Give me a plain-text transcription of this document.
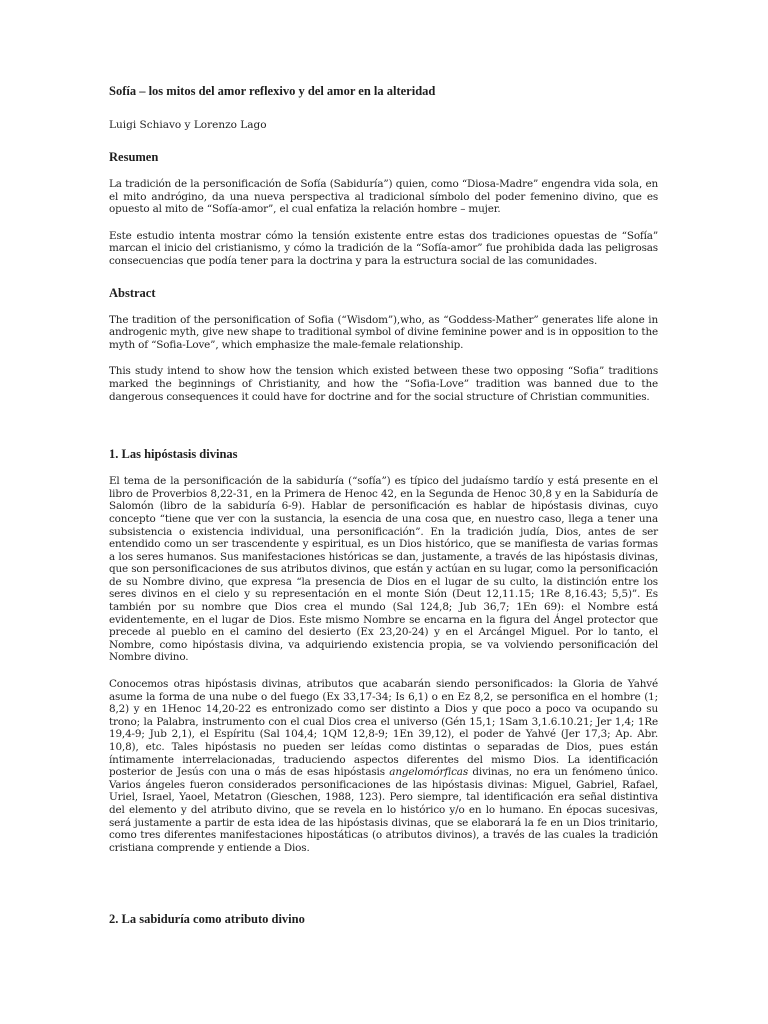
Sofía – los mitos del amor reflexivo y del amor en la alteridad
Luigi Schiavo y Lorenzo Lago
Resumen

La tradición de la personificación de Sofía (Sabiduría”) quien, como “Diosa-Madre” engendra vida sola, en el mito andrógino, da una nueva perspectiva al tradicional símbolo del poder femenino divino, que es opuesto al mito de “Sofía-amor”, el cual enfatiza la relación hombre – mujer.

Este estudio intenta mostrar cómo la tensión existente entre estas dos tradiciones opuestas de “Sofía” marcan el inicio del cristianismo, y cómo la tradición de la “Sofía-amor” fue prohibida dada las peligrosas consecuencias que podía tener para la doctrina y para la estructura social de las comunidades.

Abstract

The tradition of the personification of Sofia (“Wisdom”),who, as “Goddess-Mather” generates life alone in androgenic myth, give new shape to traditional symbol of divine feminine power and is in opposition to the myth of “Sofia-Love”, which emphasize the male-female relationship.

This study intend to show how the tension which existed between these two opposing “Sofia” traditions marked the beginnings of Christianity, and how the “Sofia-Love” tradition was banned due to the dangerous consequences it could have for doctrine and for the social structure of Christian communities.

1. Las hipóstasis divinas

El tema de la personificación de la sabiduría (“sofía”) es típico del judaísmo tardío y está presente en el libro de Proverbios 8,22-31, en la Primera de Henoc 42, en la Segunda de Henoc 30,8 y en la Sabiduría de Salomón (libro de la sabiduría 6-9). Hablar de personificación es hablar de hipóstasis divinas, cuyo concepto “tiene que ver con la sustancia, la esencia de una cosa que, en nuestro caso, llega a tener una subsistencia o existencia individual, una personificación”. En la tradición judía, Dios, antes de ser entendido como un ser trascendente y espiritual, es un Dios histórico, que se manifiesta de varias formas a los seres humanos. Sus manifestaciones históricas se dan, justamente, a través de las hipóstasis divinas, que son personificaciones de sus atributos divinos, que están y actúan en su lugar, como la personificación de su Nombre divino, que expresa “la presencia de Dios en el lugar de su culto, la distinción entre los seres divinos en el cielo y su representación en el monte Sión (Deut 12,11.15; 1Re 8,16.43; 5,5)”. Es también por su nombre que Dios crea el mundo (Sal 124,8; Jub 36,7; 1En 69): el Nombre está evidentemente, en el lugar de Dios. Este mismo Nombre se encarna en la figura del Ángel protector que precede al pueblo en el camino del desierto (Ex 23,20-24) y en el Arcángel Miguel. Por lo tanto, el Nombre, como hipóstasis divina, va adquiriendo existencia propia, se va volviendo personificación del Nombre divino.

Conocemos otras hipóstasis divinas, atributos que acabarán siendo personificados: la Gloria de Yahvé asume la forma de una nube o del fuego (Ex 33,17-34; Is 6,1) o en Ez 8,2, se personifica en el hombre (1; 8,2) y en 1Henoc 14,20-22 es entronizado como ser distinto a Dios y que poco a poco va ocupando su trono; la Palabra, instrumento con el cual Dios crea el universo (Gén 15,1; 1Sam 3,1.6.10.21; Jer 1,4; 1Re 19,4-9; Jub 2,1), el Espíritu (Sal 104,4; 1QM 12,8-9; 1En 39,12), el poder de Yahvé (Jer 17,3; Ap. Abr. 10,8), etc. Tales hipóstasis no pueden ser leídas como distintas o separadas de Dios, pues están íntimamente interrelacionadas, traduciendo aspectos diferentes del mismo Dios. La identificación posterior de Jesús con una o más de esas hipóstasis angelomórficas divinas, no era un fenómeno único. Varios ángeles fueron considerados personificaciones de las hipóstasis divinas: Miguel, Gabriel, Rafael, Uriel, Israel, Yaoel, Metatron (Gieschen, 1988, 123). Pero siempre, tal identificación era señal distintiva del elemento y del atributo divino, que se revela en lo histórico y/o en lo humano. En épocas sucesivas, será justamente a partir de esta idea de las hipóstasis divinas, que se elaborará la fe en un Dios trinitario, como tres diferentes manifestaciones hipostáticas (o atributos divinos), a través de las cuales la tradición cristiana comprende y entiende a Dios.

2. La sabiduría como atributo divino
